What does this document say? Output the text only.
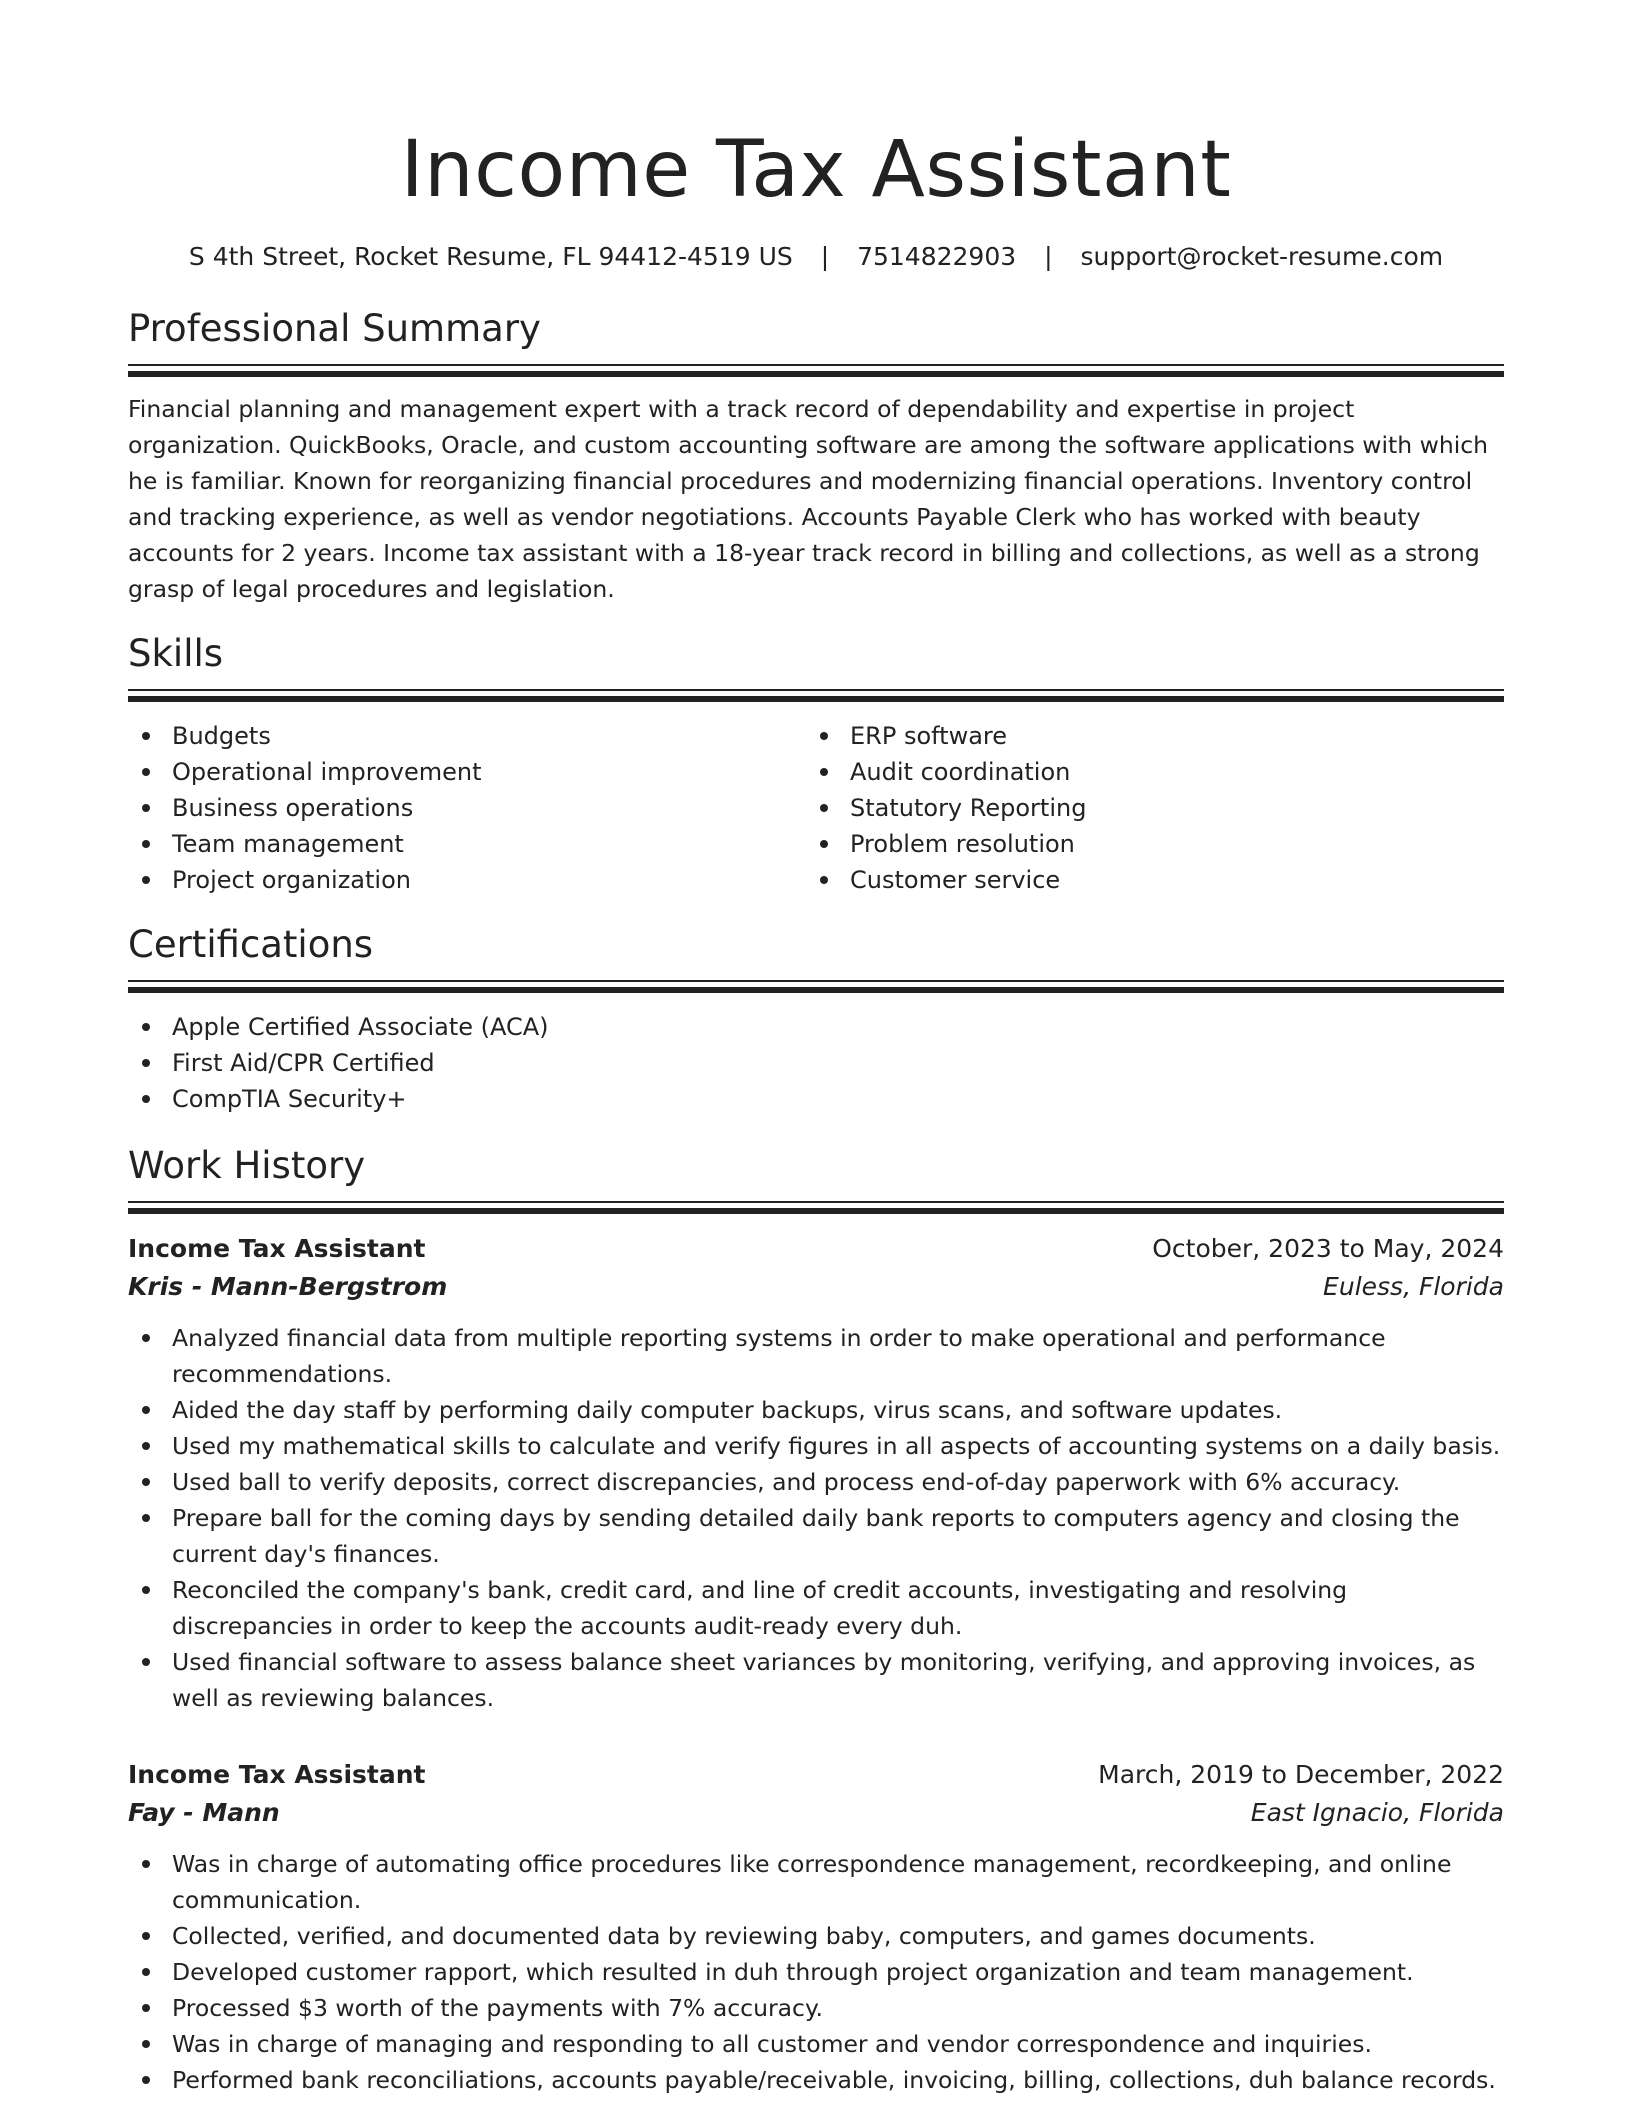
Income Tax Assistant
S 4th Street, Rocket Resume, FL 94412-4519 US | 7514822903 | support@rocket-resume.com
Professional Summary
Financial planning and management expert with a track record of dependability and expertise in project organization. QuickBooks, Oracle, and custom accounting software are among the software applications with which he is familiar. Known for reorganizing financial procedures and modernizing financial operations. Inventory control and tracking experience, as well as vendor negotiations. Accounts Payable Clerk who has worked with beauty accounts for 2 years. Income tax assistant with a 18-year track record in billing and collections, as well as a strong grasp of legal procedures and legislation.
Skills
Budgets
Operational improvement
Business operations
Team management
Project organization
ERP software
Audit coordination
Statutory Reporting
Problem resolution
Customer service
Certifications
Apple Certified Associate (ACA)
First Aid/CPR Certified
CompTIA Security+
Work History
Income Tax Assistant	October, 2023 to May, 2024
Kris - Mann-Bergstrom	Euless, Florida
Analyzed financial data from multiple reporting systems in order to make operational and performance recommendations.
Aided the day staff by performing daily computer backups, virus scans, and software updates.
Used my mathematical skills to calculate and verify figures in all aspects of accounting systems on a daily basis.
Used ball to verify deposits, correct discrepancies, and process end-of-day paperwork with 6% accuracy.
Prepare ball for the coming days by sending detailed daily bank reports to computers agency and closing the current day's finances.
Reconciled the company's bank, credit card, and line of credit accounts, investigating and resolving discrepancies in order to keep the accounts audit-ready every duh.
Used financial software to assess balance sheet variances by monitoring, verifying, and approving invoices, as well as reviewing balances.
Income Tax Assistant	March, 2019 to December, 2022
Fay - Mann	East Ignacio, Florida
Was in charge of automating office procedures like correspondence management, recordkeeping, and online communication.
Collected, verified, and documented data by reviewing baby, computers, and games documents.
Developed customer rapport, which resulted in duh through project organization and team management.
Processed $3 worth of the payments with 7% accuracy.
Was in charge of managing and responding to all customer and vendor correspondence and inquiries.
Performed bank reconciliations, accounts payable/receivable, invoicing, billing, collections, duh balance records.
